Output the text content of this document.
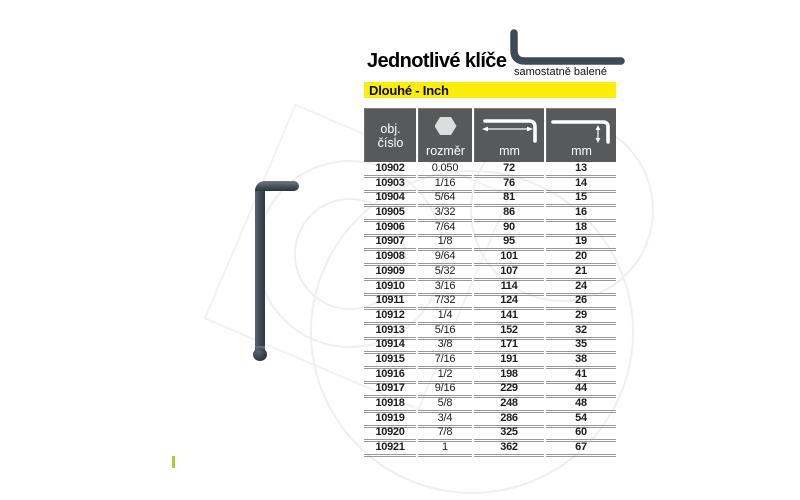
Jednotlivé klíče samostatně balené
Dlouhé - Inch
obj.
číslo
rozměr	mm	mm
10902	0.050	72	13
10903	1/16	76	14
10904	5/64	81	15
10905	3/32	86	16
10906	7/64	90	18
10907	1/8	95	19
10908	9/64	101	20
10909	5/32	107	21
10910	3/16	114	24
10911	7/32	124	26
10912	1/4	141	29
10913	5/16	152	32
10914	3/8	171	35
10915	7/16	191	38
10916	1/2	198	41
10917	9/16	229	44
10918	5/8	248	48
10919	3/4	286	54
10920	7/8	325	60
10921	1	362	67
